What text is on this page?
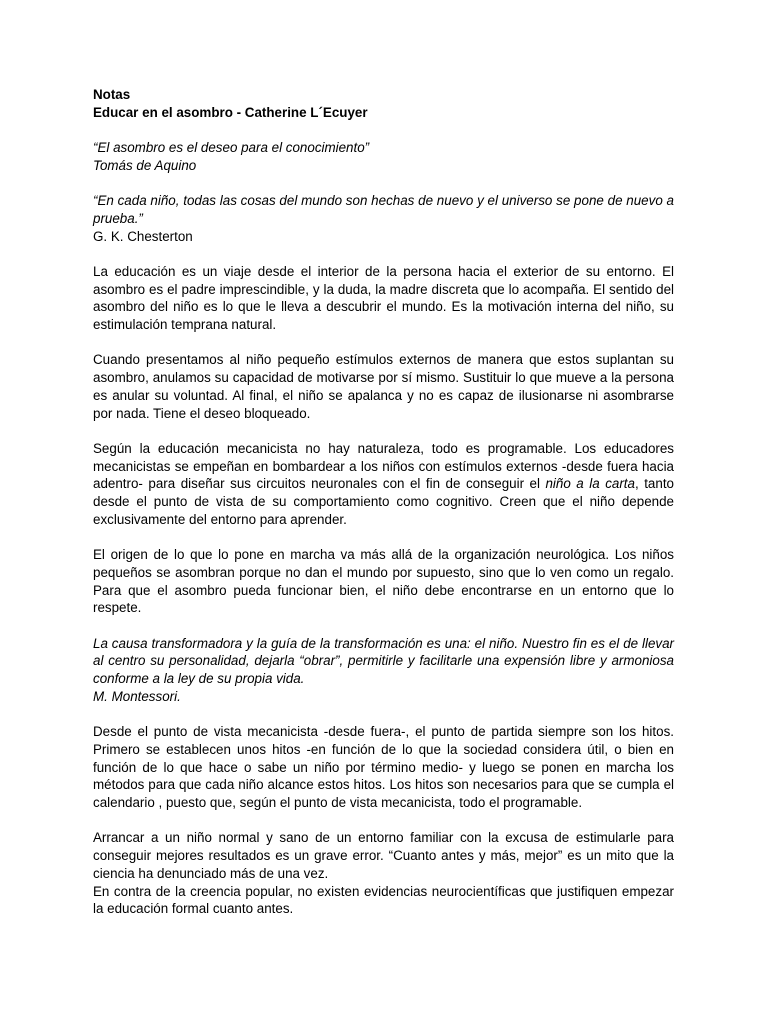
Notas
Educar en el asombro - Catherine L´Ecuyer

“El asombro es el deseo para el conocimiento”
Tomás de Aquino

“En cada niño, todas las cosas del mundo son hechas de nuevo y el universo se pone de nuevo a prueba.”
G. K. Chesterton

La educación es un viaje desde el interior de la persona hacia el exterior de su entorno. El asombro es el padre imprescindible, y la duda, la madre discreta que lo acompaña. El sentido del asombro del niño es lo que le lleva a descubrir el mundo. Es la motivación interna del niño, su estimulación temprana natural.

Cuando presentamos al niño pequeño estímulos externos de manera que estos suplantan su asombro, anulamos su capacidad de motivarse por sí mismo. Sustituir lo que mueve a la persona es anular su voluntad. Al final, el niño se apalanca y no es capaz de ilusionarse ni asombrarse por nada. Tiene el deseo bloqueado.

Según la educación mecanicista no hay naturaleza, todo es programable. Los educadores mecanicistas se empeñan en bombardear a los niños con estímulos externos -desde fuera hacia adentro- para diseñar sus circuitos neuronales con el fin de conseguir el niño a la carta, tanto desde el punto de vista de su comportamiento como cognitivo. Creen que el niño depende exclusivamente del entorno para aprender.

El origen de lo que lo pone en marcha va más allá de la organización neurológica. Los niños pequeños se asombran porque no dan el mundo por supuesto, sino que lo ven como un regalo. Para que el asombro pueda funcionar bien, el niño debe encontrarse en un entorno que lo respete.

La causa transformadora y la guía de la transformación es una: el niño. Nuestro fin es el de llevar al centro su personalidad, dejarla “obrar”, permitirle y facilitarle una expensión libre y armoniosa conforme a la ley de su propia vida.
M. Montessori.

Desde el punto de vista mecanicista -desde fuera-, el punto de partida siempre son los hitos. Primero se establecen unos hitos -en función de lo que la sociedad considera útil, o bien en función de lo que hace o sabe un niño por término medio- y luego se ponen en marcha los métodos para que cada niño alcance estos hitos. Los hitos son necesarios para que se cumpla el calendario , puesto que, según el punto de vista mecanicista, todo el programable.

Arrancar a un niño normal y sano de un entorno familiar con la excusa de estimularle para conseguir mejores resultados es un grave error. “Cuanto antes y más, mejor” es un mito que la ciencia ha denunciado más de una vez.

En contra de la creencia popular, no existen evidencias neurocientíficas que justifiquen empezar la educación formal cuanto antes.
